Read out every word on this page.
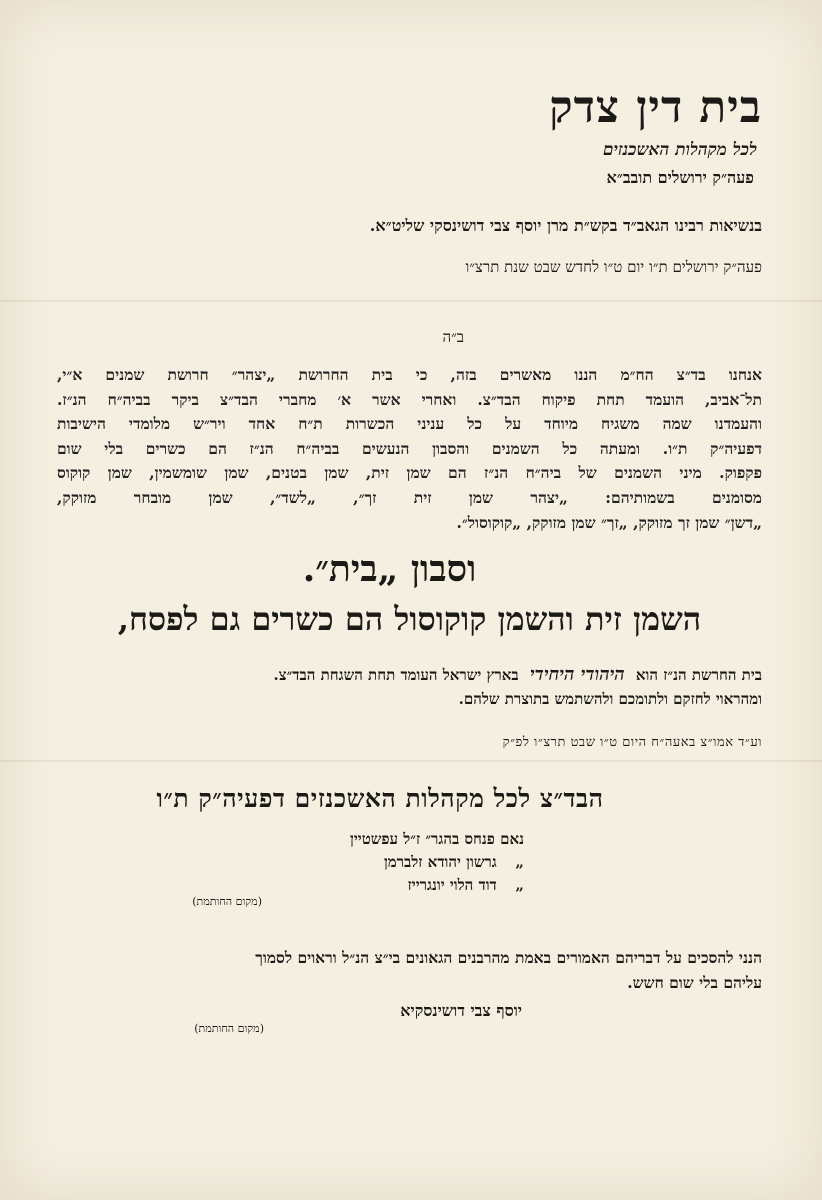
בית דין צדק
לכל מקהלות האשכנזים
פעה״ק ירושלים תובב״א
בנשיאות רבינו הגאב״ד בקש״ת מרן יוסף צבי דושינסקי שליט״א.
פעה״ק ירושלים ת״ו יום ט״ו לחדש שבט שנת תרצ״ו
ב״ה
אנחנו בד״צ הח״מ הננו מאשרים בזה, כי בית החרושת „יצהר״ חרושת שמנים א״י,
תל־אביב, הועמד תחת פיקוח הבד״צ. ואחרי אשר א׳ מחברי הבד״צ ביקר בביה״ח הנ״ז.
והעמדנו שמה משגיח מיוחד על כל עניני הכשרות ת״ח אחד ויר״ש מלומדי הישיבות
דפעיה״ק ת״ו. ומעתה כל השמנים והסבון הנעשים בביה״ח הנ״ז הם כשרים בלי שום
פקפוק. מיני השמנים של ביה״ח הנ״ז הם שמן זית, שמן בטנים, שמן שומשמין, שמן קוקוס
מסומנים בשמותיהם: „יצהר שמן זית זך״, „לשד״, שמן מובחר מזוקק,
„דשן״ שמן זך מזוקק, „זך״ שמן מזוקק, „קוקוסול״.
וסבון „בית״.
השמן זית והשמן קוקוסול הם כשרים גם לפסח,
בית החרשת הנ״ז הוא היהודי היחידי בארץ ישראל העומד תחת השגחת הבד״צ.
ומהראוי לחזקם ולתומכם ולהשתמש בתוצרת שלהם.
וע״ד אמו״צ באעה״ח היום ט״ו שבט תרצ״ו לפ״ק
הבד״צ לכל מקהלות האשכנזים דפעיה״ק ת״ו
נאם פנחס בהגר״ ז״ל עפשטיין
„ גרשון יהודא זלברמן
„ דוד הלוי יונגרייז
(מקום החותמת)
הנני להסכים על דבריהם האמורים באמת מהרבנים הגאונים בי״צ הנ״ל וראוים לסמוך
עליהם בלי שום חשש.
יוסף צבי דושינסקיא
(מקום החותמת)
